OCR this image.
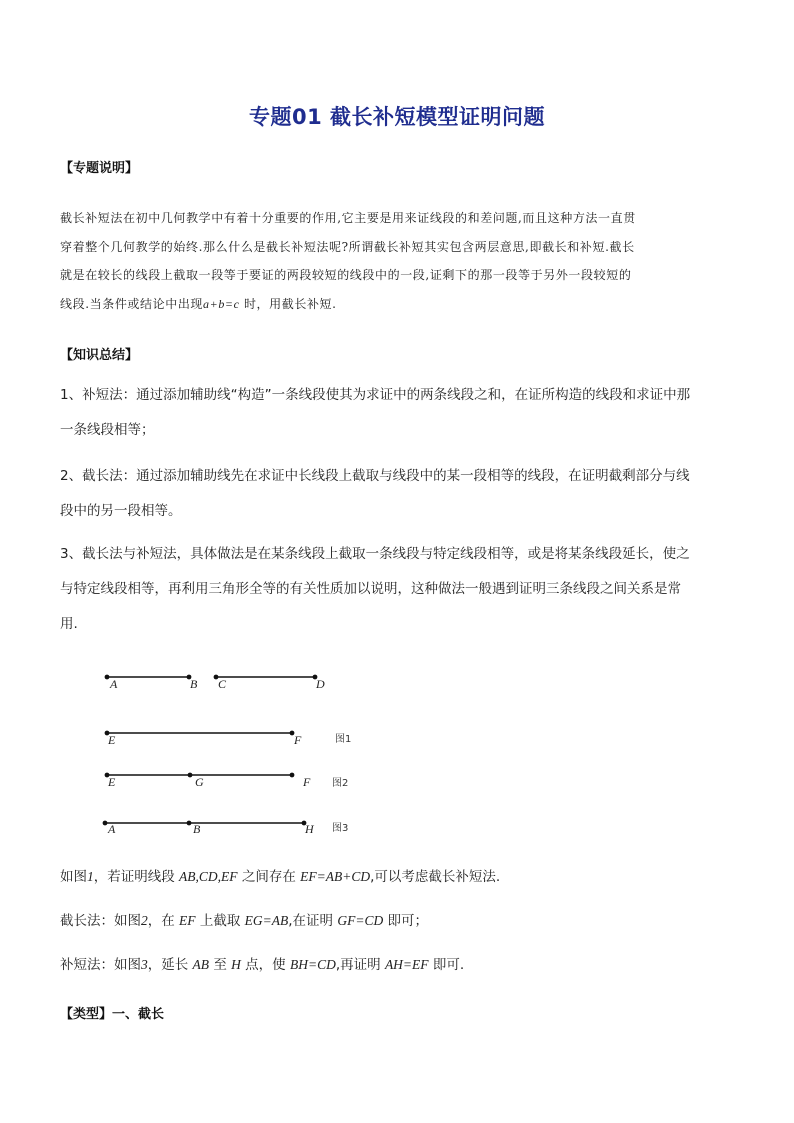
专题01 截长补短模型证明问题
【专题说明】
截长补短法在初中几何教学中有着十分重要的作用,它主要是用来证线段的和差问题,而且这种方法一直贯
穿着整个几何教学的始终.那么什么是截长补短法呢?所谓截长补短其实包含两层意思,即截长和补短.截长
就是在较长的线段上截取一段等于要证的两段较短的线段中的一段,证剩下的那一段等于另外一段较短的
线段.当条件或结论中出现a+b=c 时，用截长补短.
【知识总结】
1、补短法：通过添加辅助线“构造”一条线段使其为求证中的两条线段之和，在证所构造的线段和求证中那
一条线段相等；
2、截长法：通过添加辅助线先在求证中长线段上截取与线段中的某一段相等的线段，在证明截剩部分与线
段中的另一段相等。
3、截长法与补短法，具体做法是在某条线段上截取一条线段与特定线段相等，或是将某条线段延长，使之
与特定线段相等，再利用三角形全等的有关性质加以说明，这种做法一般遇到证明三条线段之间关系是常
用.
A	B C	D
E	F
E	G	F
A	B	H
图1
图2
图3
如图1，若证明线段 AB,CD,EF 之间存在 EF=AB+CD,可以考虑截长补短法.
截长法：如图2，在 EF 上截取 EG=AB,在证明 GF=CD 即可；
补短法：如图3，延长 AB 至 H 点，使 BH=CD,再证明 AH=EF 即可.
【类型】一、截长
